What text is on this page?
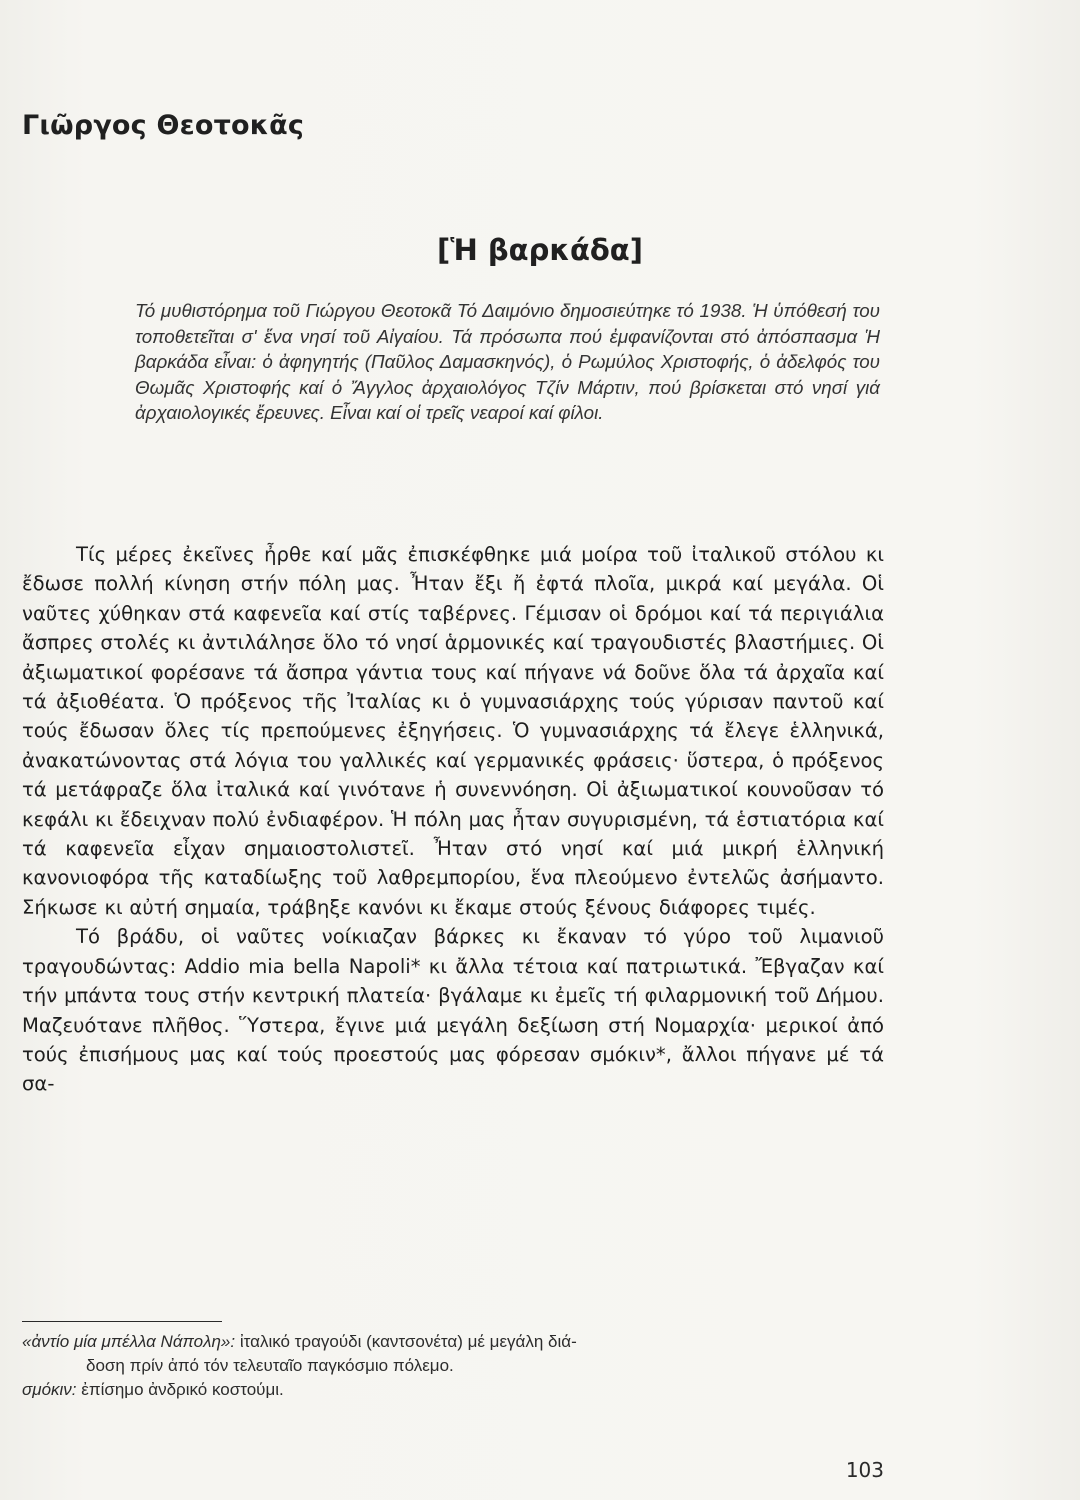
Γιῶργος Θεοτοκᾶς
[Ἡ βαρκάδα]

Τό μυθιστόρημα τοῦ Γιώργου Θεοτοκᾶ Τό Δαιμόνιο δημοσιεύτηκε τό 1938. Ἡ ὑπόθεσή του τοποθετεῖται σ' ἕνα νησί τοῦ Αἰγαίου. Τά πρόσωπα πού ἐμφανίζονται στό ἀπόσπασμα Ἡ βαρκάδα εἶναι: ὁ ἀφηγητής (Παῦλος Δαμασκηνός), ὁ Ρωμύλος Χριστοφής, ὁ ἀδελφός του Θωμᾶς Χριστοφής καί ὁ Ἄγγλος ἀρχαιολόγος Τζίν Μάρτιν, πού βρίσκεται στό νησί γιά ἀρχαιολογικές ἔρευνες. Εἶναι καί οἱ τρεῖς νεαροί καί φίλοι.

Τίς μέρες ἐκεῖνες ἦρθε καί μᾶς ἐπισκέφθηκε μιά μοίρα τοῦ ἰταλικοῦ στόλου κι ἔδωσε πολλή κίνηση στήν πόλη μας. Ἦταν ἔξι ἤ ἐφτά πλοῖα, μικρά καί μεγάλα. Οἱ ναῦτες χύθηκαν στά καφενεῖα καί στίς ταβέρνες. Γέμισαν οἱ δρόμοι καί τά περιγιάλια ἄσπρες στολές κι ἀντιλάλησε ὅλο τό νησί ἁρμονικές καί τραγουδιστές βλαστήμιες. Οἱ ἀξιωματικοί φορέσανε τά ἄσπρα γάντια τους καί πήγανε νά δοῦνε ὅλα τά ἀρχαῖα καί τά ἀξιοθέατα. Ὁ πρόξενος τῆς Ἰταλίας κι ὁ γυμνασιάρχης τούς γύρισαν παντοῦ καί τούς ἔδωσαν ὅλες τίς πρεπούμενες ἐξηγήσεις. Ὁ γυμνασιάρχης τά ἔλεγε ἑλληνικά, ἀνακατώνοντας στά λόγια του γαλλικές καί γερμανικές φράσεις· ὕστερα, ὁ πρόξενος τά μετάφραζε ὅλα ἰταλικά καί γινότανε ἡ συνεννόηση. Οἱ ἀξιωματικοί κουνοῦσαν τό κεφάλι κι ἔδειχναν πολύ ἐνδιαφέρον. Ἡ πόλη μας ἦταν συγυρισμένη, τά ἑστιατόρια καί τά καφενεῖα εἶχαν σημαιοστολιστεῖ. Ἦταν στό νησί καί μιά μικρή ἑλληνική κανονιοφόρα τῆς καταδίωξης τοῦ λαθρεμπορίου, ἕνα πλεούμενο ἐντελῶς ἀσήμαντο. Σήκωσε κι αὐτή σημαία, τράβηξε κανόνι κι ἔκαμε στούς ξένους διάφορες τιμές.

Τό βράδυ, οἱ ναῦτες νοίκιαζαν βάρκες κι ἔκαναν τό γύρο τοῦ λιμανιοῦ τραγουδώντας: Addio mia bella Napoli* κι ἄλλα τέτοια καί πατριωτικά. Ἔβγαζαν καί τήν μπάντα τους στήν κεντρική πλατεία· βγάλαμε κι ἐμεῖς τή φιλαρμονική τοῦ Δήμου. Μαζευότανε πλῆθος. Ὕστερα, ἔγινε μιά μεγάλη δεξίωση στή Νομαρχία· μερικοί ἀπό τούς ἐπισήμους μας καί τούς προεστούς μας φόρεσαν σμόκιν*, ἄλλοι πήγανε μέ τά σα-

«ἀντίο μία μπέλλα Νάπολη»: ἰταλικό τραγούδι (καντσονέτα) μέ μεγάλη διά-

δοση πρίν ἀπό τόν τελευταῖο παγκόσμιο πόλεμο.

σμόκιν: ἐπίσημο ἀνδρικό κοστούμι.

103
